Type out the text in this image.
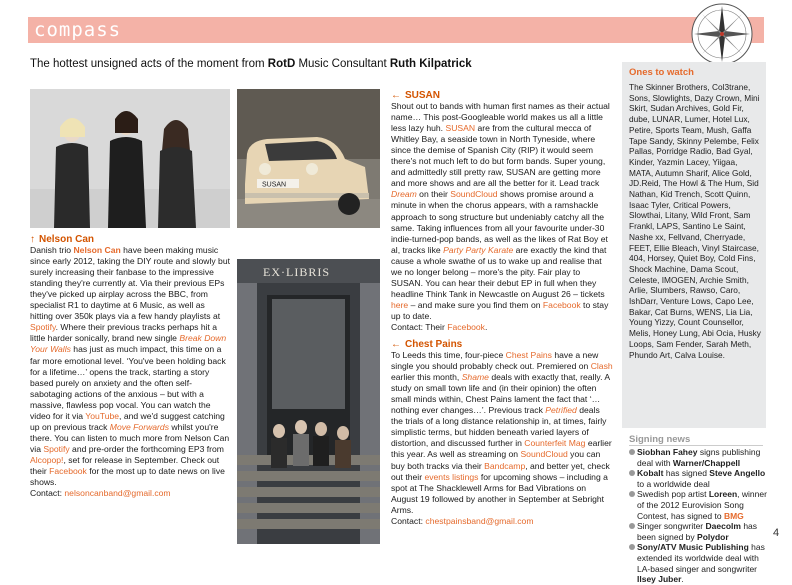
compass
The hottest unsigned acts of the moment from RotD Music Consultant Ruth Kilpatrick
SUSAN
EX·LIBRIS

↑ Nelson Can

Danish trio Nelson Can have been making music since early 2012, taking the DIY route and slowly but surely increasing their fanbase to the impressive standing they're currently at. Via their previous EPs they've picked up airplay across the BBC, from specialist R1 to daytime at 6 Music, as well as hitting over 350k plays via a few handy playlists at Spotify. Where their previous tracks perhaps hit a little harder sonically, brand new single Break Down Your Walls has just as much impact, this time on a far more emotional level. ‘You've been holding back for a lifetime…’ opens the track, starting a story based purely on anxiety and the often self-sabotaging actions of the anxious – but with a massive, flawless pop vocal. You can watch the video for it via YouTube, and we'd suggest catching up on previous track Move Forwards whilst you're there. You can listen to much more from Nelson Can via Spotify and pre-order the forthcoming EP3 from Alcopop!, set for release in September. Check out their Facebook for the most up to date news on live shows.

Contact: nelsoncanband@gmail.com

← SUSAN

Shout out to bands with human first names as their actual name… This post-Googleable world makes us all a little less lazy huh. SUSAN are from the cultural mecca of Whitley Bay, a seaside town in North Tyneside, where since the demise of Spanish City (RIP) it would seem there's not much left to do but form bands. Super young, and admittedly still pretty raw, SUSAN are getting more and more shows and are all the better for it. Lead track Dream on their SoundCloud shows promise around a minute in when the chorus appears, with a ramshackle approach to song structure but undeniably catchy all the same. Taking influences from all your favourite under-30 indie-turned-pop bands, as well as the likes of Rat Boy et al, tracks like Party Party Karate are exactly the kind that cause a whole swathe of us to wake up and realise that we no longer belong – more's the pity. Fair play to SUSAN. You can hear their debut EP in full when they headline Think Tank in Newcastle on August 26 – tickets here – and make sure you find them on Facebook to stay up to date.

Contact: Their Facebook.

← Chest Pains

To Leeds this time, four-piece Chest Pains have a new single you should probably check out. Premiered on Clash earlier this month, Shame deals with exactly that, really. A study on small town life and (in their opinion) the often small minds within, Chest Pains lament the fact that ‘…nothing ever changes…’. Previous track Petrified deals the trials of a long distance relationship in, at times, fairly simplistic terms, but hidden beneath varied layers of distortion, and discussed further in Counterfeit Mag earlier this year. As well as streaming on SoundCloud you can buy both tracks via their Bandcamp, and better yet, check out their events listings for upcoming shows – including a spot at The Shacklewell Arms for Bad Vibrations on August 19 followed by another in September at Sebright Arms.

Contact: chestpainsband@gmail.com

Ones to watch
The Skinner Brothers, Col3trane, Sons, Slowlights, Dazy Crown, Mini Skirt, Sudan Archives, Gold Fir, dube, LUNAR, Lumer, Hotel Lux, Petire, Sports Team, Mush, Gaffa Tape Sandy, Skinny Pelembe, Felix Pallas, Porridge Radio, Bad Gyal, Kinder, Yazmin Lacey, Yiigaa, MATA, Autumn Sharif, Alice Gold, JD.Reid, The Howl & The Hum, Sid Nathan, Kid Trench, Scott Quinn, Isaac Tyler, Critical Powers, Slowthai, Litany, Wild Front, Sam Frankl, LAPS, Santino Le Saint, Nashe xx, Fellvand, Cherryade, FEET, Ellie Bleach, Vinyl Staircase, 404, Horsey, Quiet Boy, Cold Fins, Shock Machine, Dama Scout, Celeste, IMOGEN, Archie Smith, Arlie, Slumbers, Rawso, Caro, IshDarr, Venture Lows, Capo Lee, Bakar, Cat Burns, WENS, Lia Lia, Young Yizzy, Count Counsellor, Melis, Honey Lung, Abi Ocia, Husky Loops, Sam Fender, Sarah Meth, Phundo Art, Calva Louise.
Signing news

Siobhan Fahey signs publishing deal with Warner/Chappell

Kobalt has signed Steve Angello to a worldwide deal

Swedish pop artist Loreen, winner of the 2012 Eurovision Song Contest, has signed to BMG

Singer songwriter Daecolm has been signed by Polydor

Sony/ATV Music Publishing has extended its worldwide deal with LA-based singer and songwriter Ilsey Juber.

4
